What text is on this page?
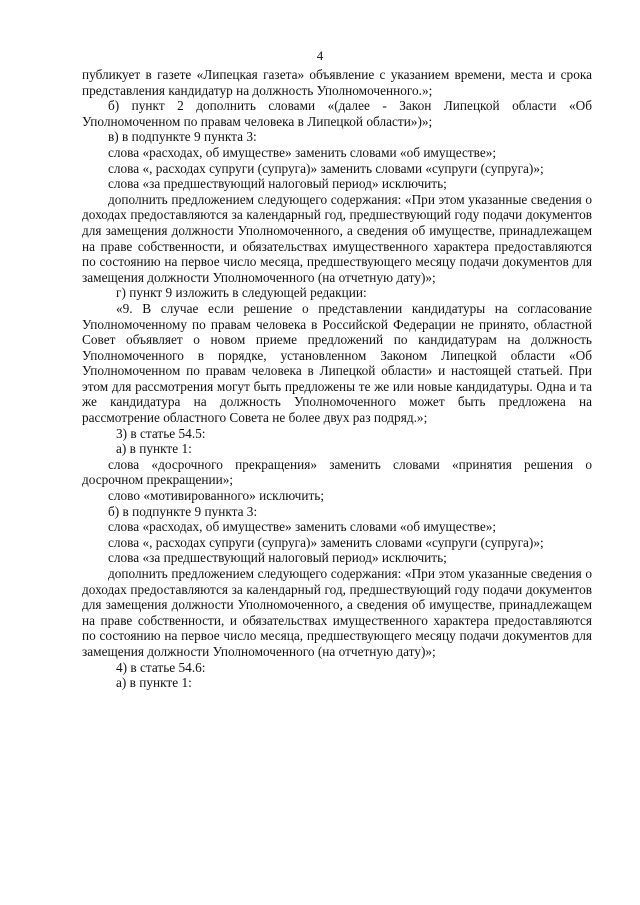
4

публикует в газете «Липецкая газета» объявление с указанием времени, места и срока представления кандидатур на должность Уполномоченного.»;

б) пункт 2 дополнить словами «(далее - Закон Липецкой области «Об Уполномоченном по правам человека в Липецкой области»)»;

в) в подпункте 9 пункта 3:

слова «расходах, об имуществе» заменить словами «об имуществе»;

слова «, расходах супруги (супруга)» заменить словами «супруги (супруга)»;

слова «за предшествующий налоговый период» исключить;

дополнить предложением следующего содержания: «При этом указанные сведения о доходах предоставляются за календарный год, предшествующий году подачи документов для замещения должности Уполномоченного, а сведения об имуществе, принадлежащем на праве собственности, и обязательствах имущественного характера предоставляются по состоянию на первое число месяца, предшествующего месяцу подачи документов для замещения должности Уполномоченного (на отчетную дату)»;

г) пункт 9 изложить в следующей редакции:

«9. В случае если решение о представлении кандидатуры на согласование Уполномоченному по правам человека в Российской Федерации не принято, областной Совет объявляет о новом приеме предложений по кандидатурам на должность Уполномоченного в порядке, установленном Законом Липецкой области «Об Уполномоченном по правам человека в Липецкой области» и настоящей статьей. При этом для рассмотрения могут быть предложены те же или новые кандидатуры. Одна и та же кандидатура на должность Уполномоченного может быть предложена на рассмотрение областного Совета не более двух раз подряд.»;

3) в статье 54.5:

а) в пункте 1:

слова «досрочного прекращения» заменить словами «принятия решения о досрочном прекращении»;

слово «мотивированного» исключить;

б) в подпункте 9 пункта 3:

слова «расходах, об имуществе» заменить словами «об имуществе»;

слова «, расходах супруги (супруга)» заменить словами «супруги (супруга)»;

слова «за предшествующий налоговый период» исключить;

дополнить предложением следующего содержания: «При этом указанные сведения о доходах предоставляются за календарный год, предшествующий году подачи документов для замещения должности Уполномоченного, а сведения об имуществе, принадлежащем на праве собственности, и обязательствах имущественного характера предоставляются по состоянию на первое число месяца, предшествующего месяцу подачи документов для замещения должности Уполномоченного (на отчетную дату)»;

4) в статье 54.6:

а) в пункте 1:
